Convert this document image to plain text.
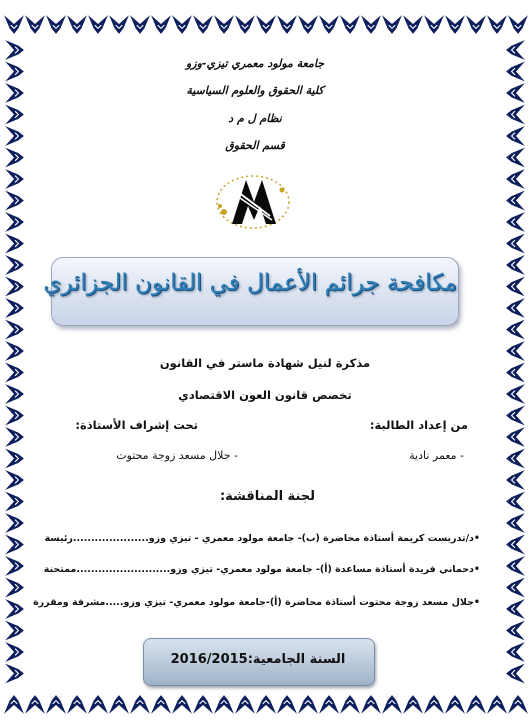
جامعة مولود معمري تيزي-وزو
كلية الحقوق والعلوم السياسية
نظام ل م د
قسم الحقوق
مكافحة جرائم الأعمال في القانون الجزائري
مذكرة لنيل شهادة ماستر في القانون
تخصص قانون العون الاقتصادي
من إعداد الطالبة:
تحت إشراف الأستاذة:
- معمر نادية
- جلال مسعد زوجة محتوت
لجنة المناقشة:
•د/تدريست كريمة أستاذة محاضرة (ب)- جامعة مولود معمري - تيزي وزو.....................رئيسة
•دحماني فريدة أستاذة مساعدة (أ)- جامعة مولود معمري- تيزي وزو..........................ممتحنة
•جلال مسعد زوجة محتوت أستاذة محاضرة (أ)-جامعة مولود معمري- تيزي وزو.....مشرفة ومقررة
السنة الجامعية:2016/2015
